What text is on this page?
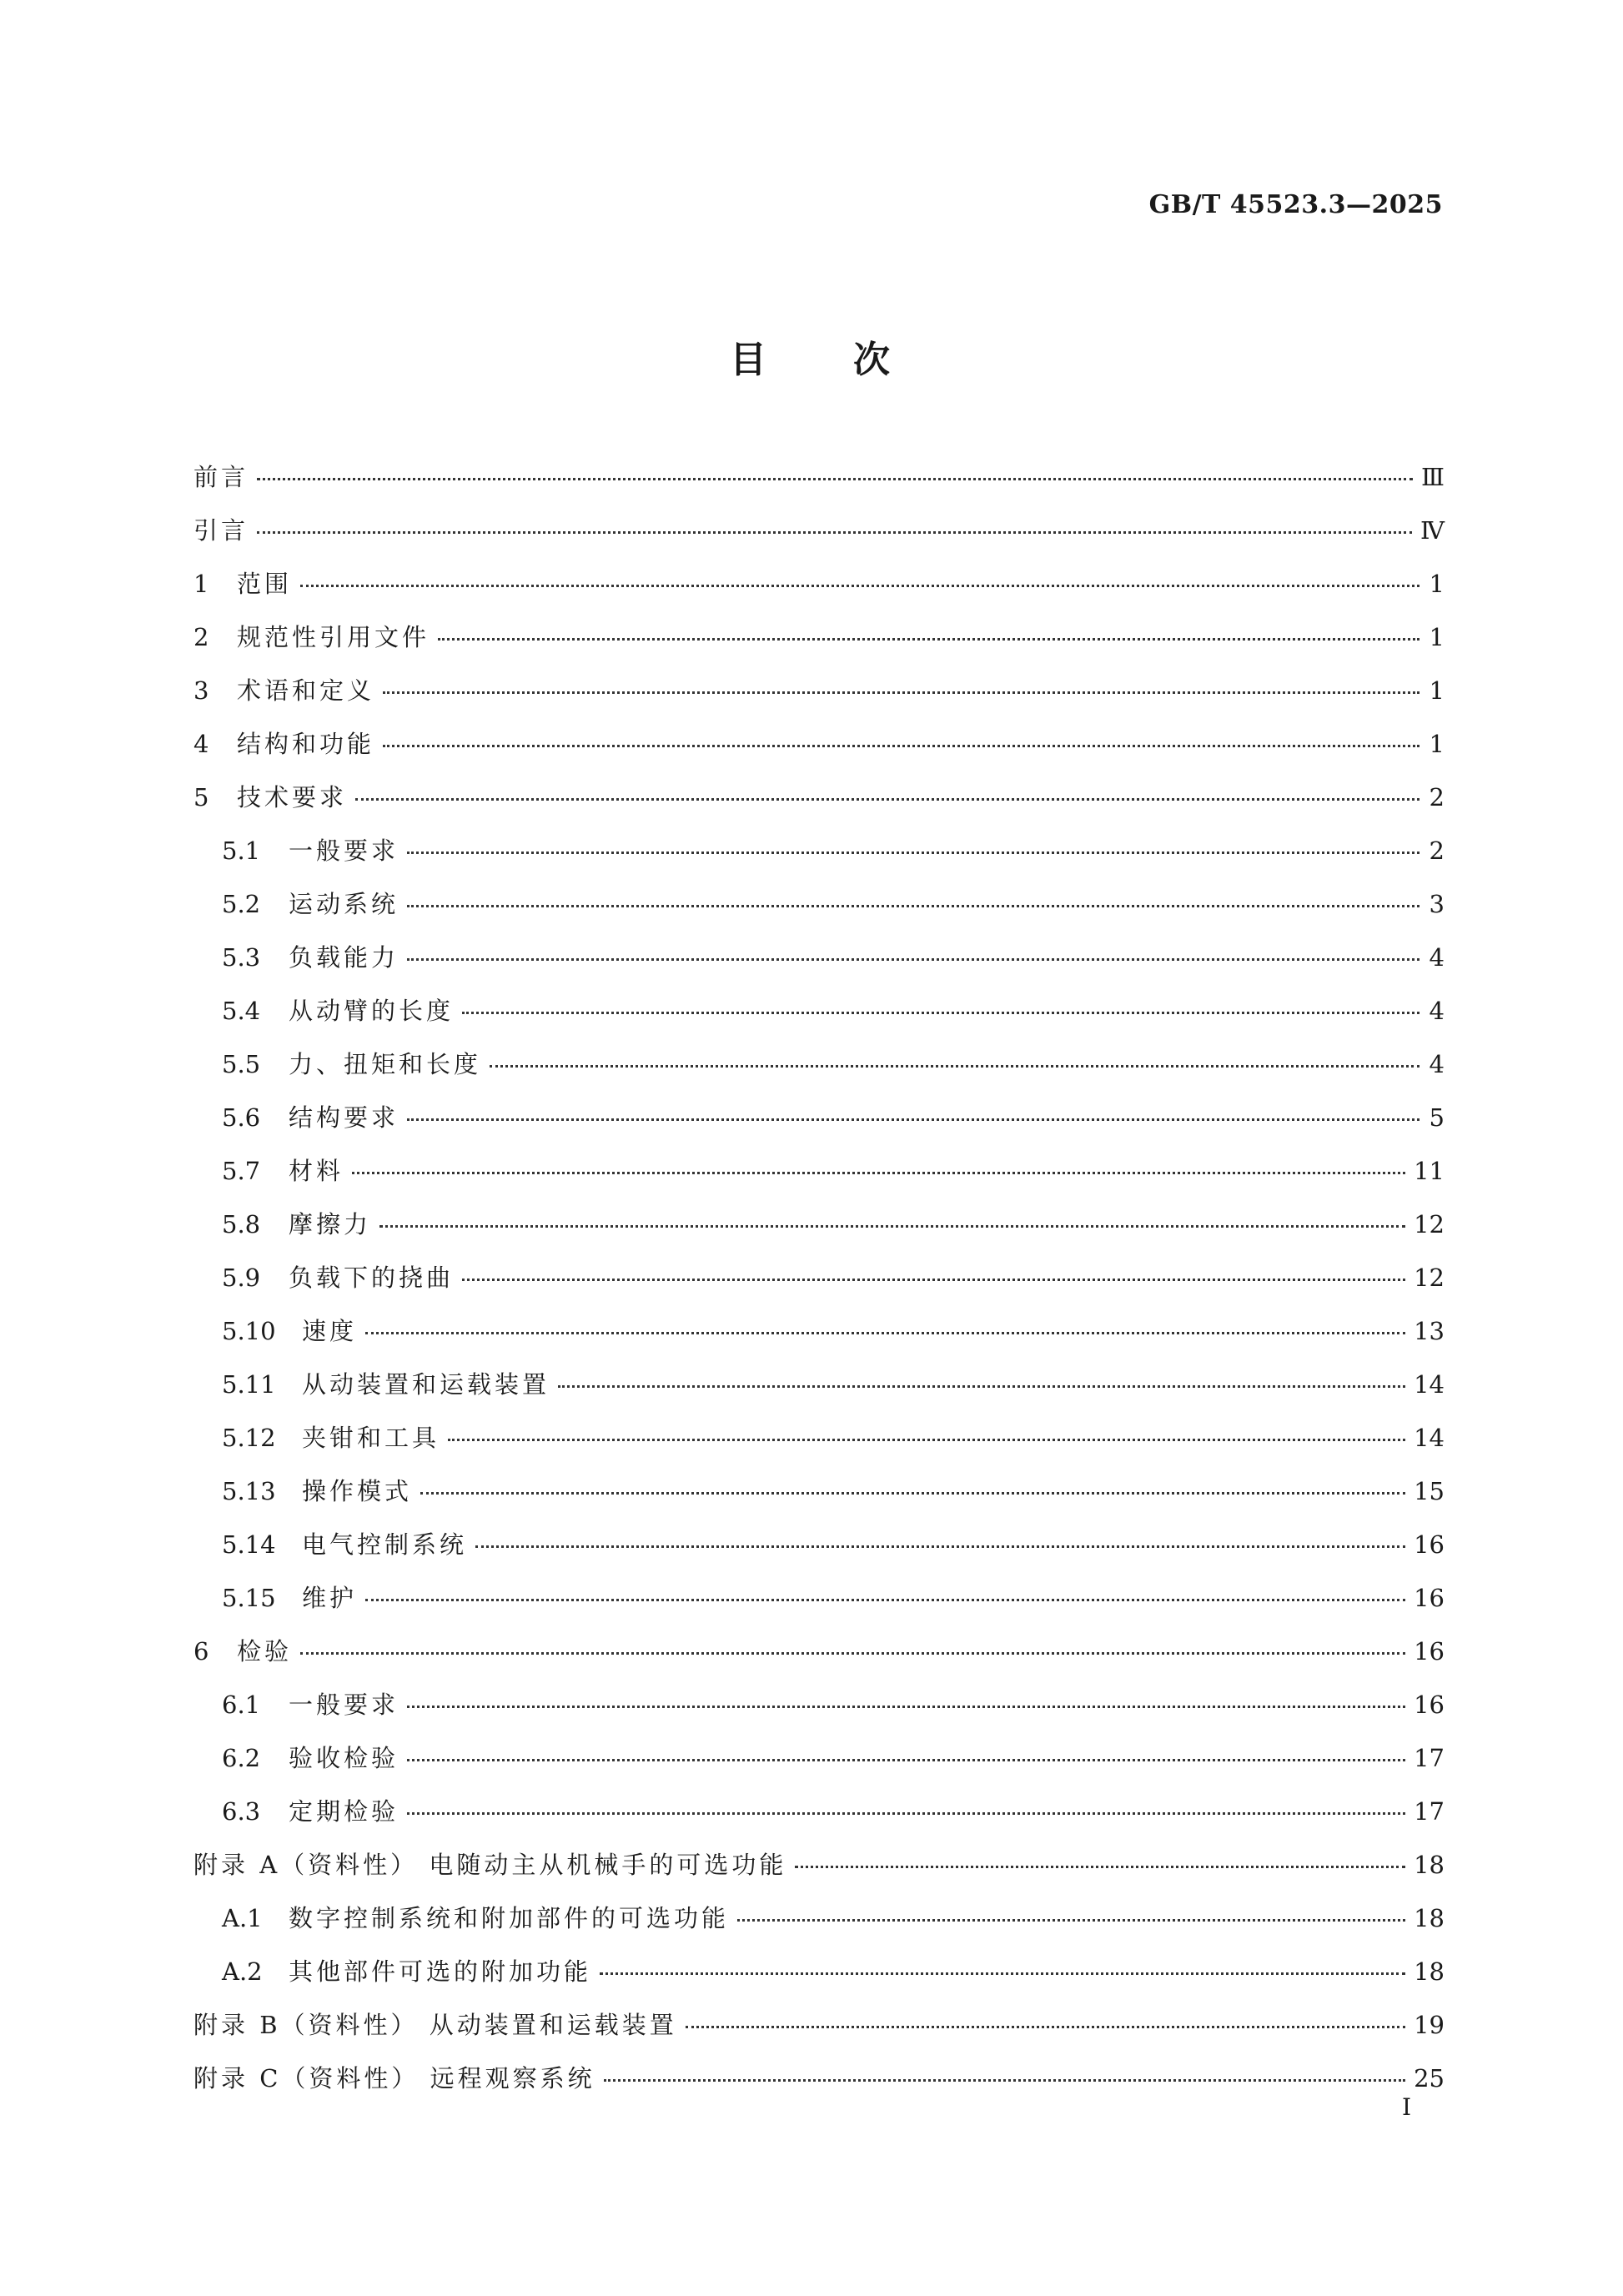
GB/T 45523.3—2025
目 次
前言	Ⅲ
引言	Ⅳ
1	范围	1
2	规范性引用文件	1
3	术语和定义	1
4	结构和功能	1
5	技术要求	2
5.1	一般要求	2
5.2	运动系统	3
5.3	负载能力	4
5.4	从动臂的长度	4
5.5	力、扭矩和长度	4
5.6	结构要求	5
5.7	材料	11
5.8	摩擦力	12
5.9	负载下的挠曲	12
5.10	速度	13
5.11	从动装置和运载装置	14
5.12	夹钳和工具	14
5.13	操作模式	15
5.14	电气控制系统	16
5.15	维护	16
6	检验	16
6.1	一般要求	16
6.2	验收检验	17
6.3	定期检验	17
附录 A（资料性） 电随动主从机械手的可选功能	18
A.1	数字控制系统和附加部件的可选功能	18
A.2	其他部件可选的附加功能	18
附录 B（资料性） 从动装置和运载装置	19
附录 C（资料性） 远程观察系统	25
I
